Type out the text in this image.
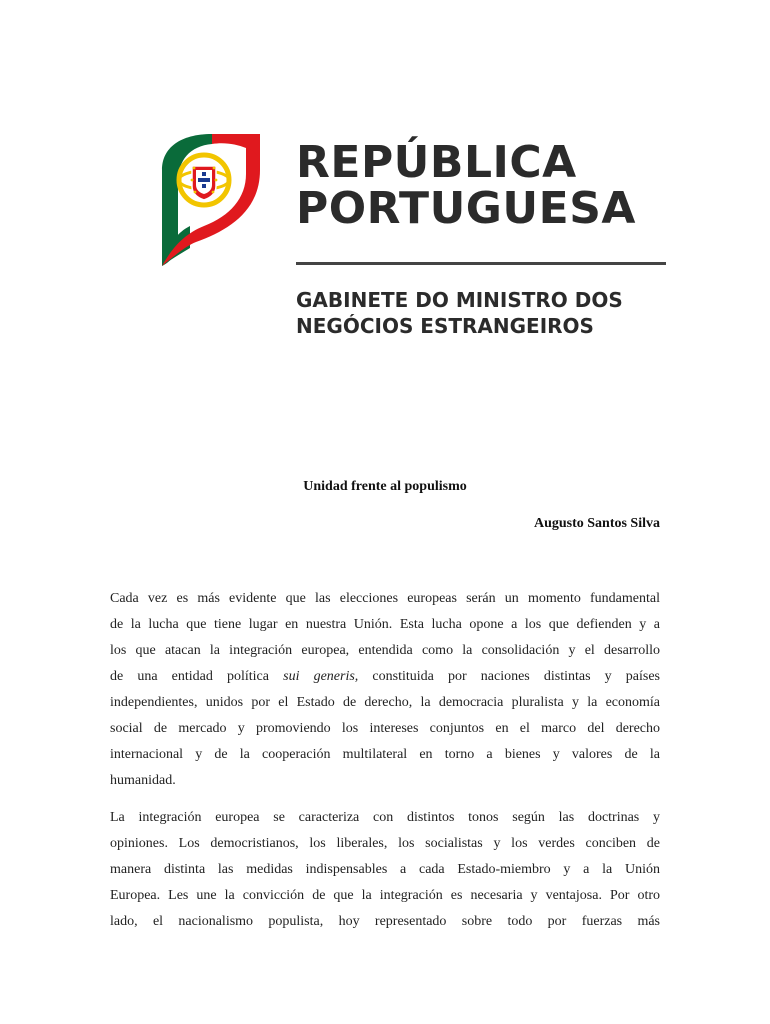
REPÚBLICA
PORTUGUESA
GABINETE DO MINISTRO DOS
NEGÓCIOS ESTRANGEIROS
Unidad frente al populismo
Augusto Santos Silva
Cada vez es más evidente que las elecciones europeas serán un momento fundamental
de la lucha que tiene lugar en nuestra Unión. Esta lucha opone a los que defienden y a
los que atacan la integración europea, entendida como la consolidación y el desarrollo
de una entidad política sui generis, constituida por naciones distintas y países
independientes, unidos por el Estado de derecho, la democracia pluralista y la economía
social de mercado y promoviendo los intereses conjuntos en el marco del derecho
internacional y de la cooperación multilateral en torno a bienes y valores de la
humanidad.
La integración europea se caracteriza con distintos tonos según las doctrinas y
opiniones. Los democristianos, los liberales, los socialistas y los verdes conciben de
manera distinta las medidas indispensables a cada Estado-miembro y a la Unión
Europea. Les une la convicción de que la integración es necesaria y ventajosa. Por otro
lado, el nacionalismo populista, hoy representado sobre todo por fuerzas más
